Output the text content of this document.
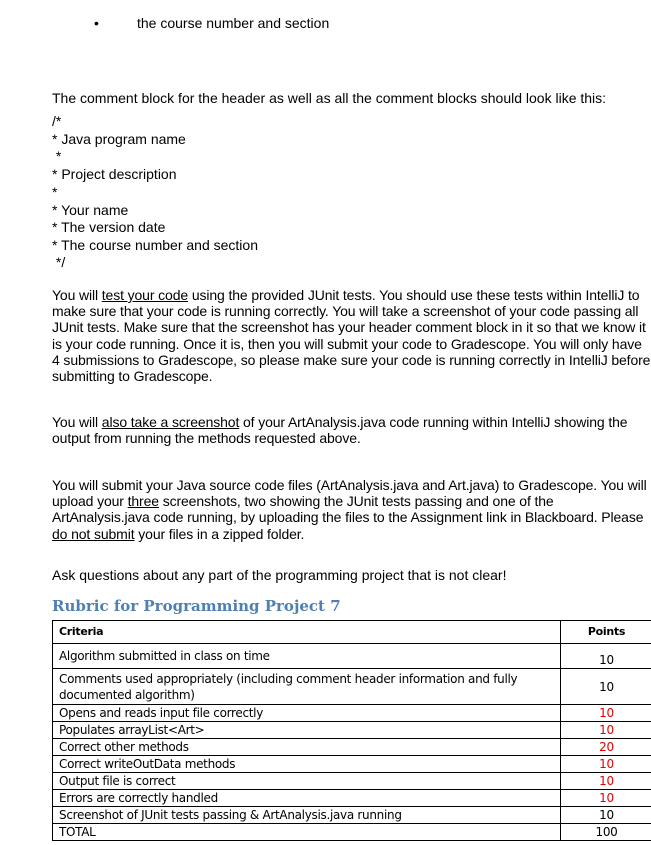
•	the course number and section
The comment block for the header as well as all the comment blocks should look like this:
/*
* Java program name
*
* Project description
*
* Your name
* The version date
* The course number and section
*/

You will test your code using the provided JUnit tests. You should use these tests within IntelliJ to make sure that your code is running correctly. You will take a screenshot of your code passing all JUnit tests. Make sure that the screenshot has your header comment block in it so that we know it is your code running. Once it is, then you will submit your code to Gradescope. You will only have 4 submissions to Gradescope, so please make sure your code is running correctly in IntelliJ before submitting to Gradescope.

You will also take a screenshot of your ArtAnalysis.java code running within IntelliJ showing the output from running the methods requested above.

You will submit your Java source code files (ArtAnalysis.java and Art.java) to Gradescope. You will upload your three screenshots, two showing the JUnit tests passing and one of the ArtAnalysis.java code running, by uploading the files to the Assignment link in Blackboard. Please do not submit your files in a zipped folder.

Ask questions about any part of the programming project that is not clear!
Rubric for Programming Project 7
Criteria	Points
Algorithm submitted in class on time	10
Comments used appropriately (including comment header information and fully documented algorithm)	10
Opens and reads input file correctly	10
Populates arrayList<Art>	10
Correct other methods	20
Correct writeOutData methods	10
Output file is correct	10
Errors are correctly handled	10
Screenshot of JUnit tests passing & ArtAnalysis.java running	10
TOTAL	100
